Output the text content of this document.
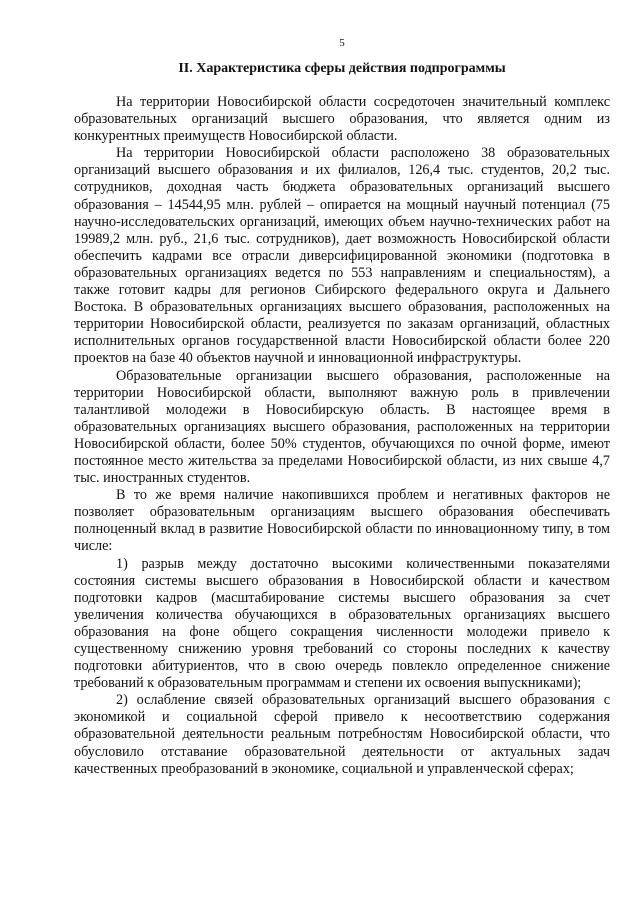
5
II. Характеристика сферы действия подпрограммы

На территории Новосибирской области сосредоточен значительный комплекс образовательных организаций высшего образования, что является одним из конкурентных преимуществ Новосибирской области.

На территории Новосибирской области расположено 38 образовательных организаций высшего образования и их филиалов, 126,4 тыс. студентов, 20,2 тыс. сотрудников, доходная часть бюджета образовательных организаций высшего образования – 14544,95 млн. рублей – опирается на мощный научный потенциал (75 научно-исследовательских организаций, имеющих объем научно-технических работ на 19989,2 млн. руб., 21,6 тыс. сотрудников), дает возможность Новосибирской области обеспечить кадрами все отрасли диверсифицированной экономики (подготовка в образовательных организациях ведется по 553 направлениям и специальностям), а также готовит кадры для регионов Сибирского федерального округа и Дальнего Востока. В образовательных организациях высшего образования, расположенных на территории Новосибирской области, реализуется по заказам организаций, областных исполнительных органов государственной власти Новосибирской области более 220 проектов на базе 40 объектов научной и инновационной инфраструктуры.

Образовательные организации высшего образования, расположенные на территории Новосибирской области, выполняют важную роль в привлечении талантливой молодежи в Новосибирскую область. В настоящее время в образовательных организациях высшего образования, расположенных на территории Новосибирской области, более 50% студентов, обучающихся по очной форме, имеют постоянное место жительства за пределами Новосибирской области, из них свыше 4,7 тыс. иностранных студентов.

В то же время наличие накопившихся проблем и негативных факторов не позволяет образовательным организациям высшего образования обеспечивать полноценный вклад в развитие Новосибирской области по инновационному типу, в том числе:

1) разрыв между достаточно высокими количественными показателями состояния системы высшего образования в Новосибирской области и качеством подготовки кадров (масштабирование системы высшего образования за счет увеличения количества обучающихся в образовательных организациях высшего образования на фоне общего сокращения численности молодежи привело к существенному снижению уровня требований со стороны последних к качеству подготовки абитуриентов, что в свою очередь повлекло определенное снижение требований к образовательным программам и степени их освоения выпускниками);

2) ослабление связей образовательных организаций высшего образования с экономикой и социальной сферой привело к несоответствию содержания образовательной деятельности реальным потребностям Новосибирской области, что обусловило отставание образовательной деятельности от актуальных задач качественных преобразований в экономике, социальной и управленческой сферах;
